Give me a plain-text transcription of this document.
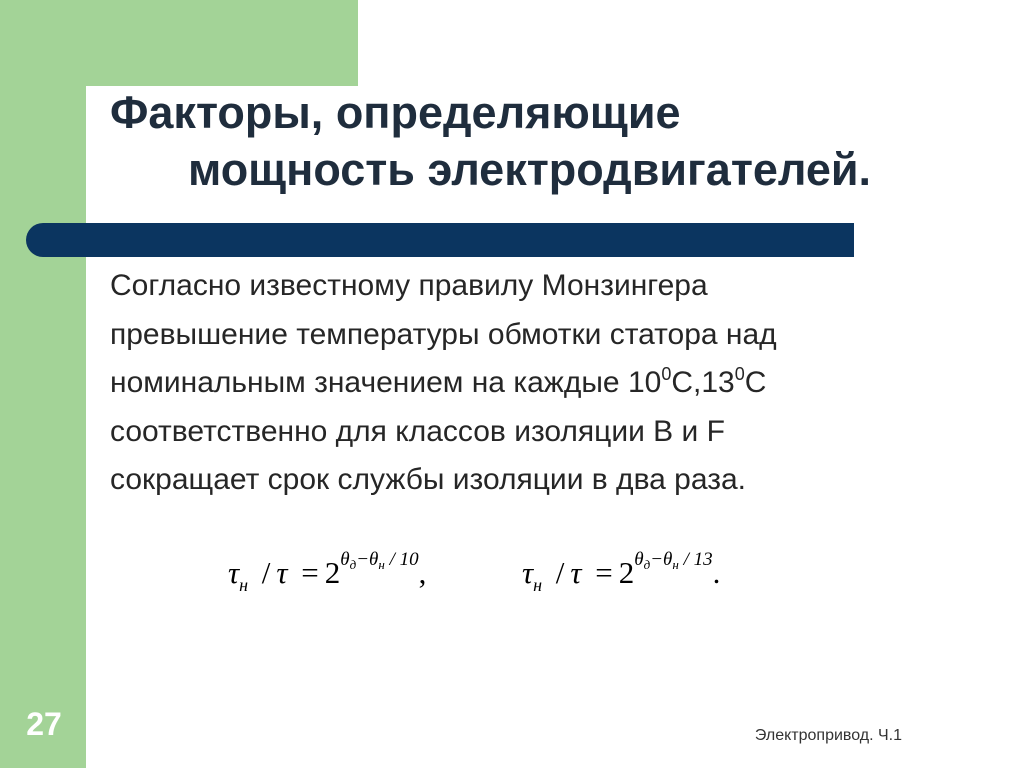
Факторы, определяющие
мощность электродвигателей.

Согласно известному правилу Монзингера
превышение температуры обмотки статора над
номинальным значением на каждые $10^0С,13^0С$
соответственно для классов изоляции В и F
сокращает срок службы изоляции в два раза.

$\tau_н / \tau = 2^{\theta_д-\theta_н / 10}$,	$\tau_н / \tau = 2^{\theta_д-\theta_н / 13}$.
27	Электропривод. Ч.1
